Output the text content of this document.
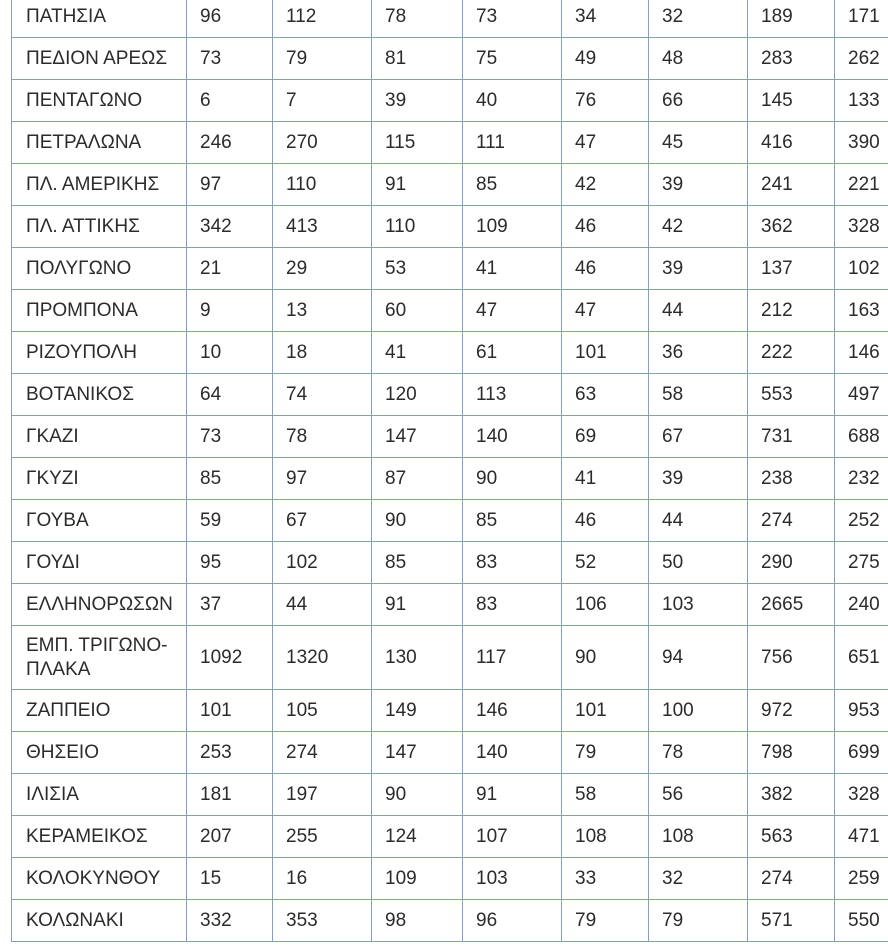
ΠΑΤΗΣΙΑ	96	112	78	73	34	32	189	171
ΠΕΔΙΟΝ ΑΡΕΩΣ	73	79	81	75	49	48	283	262
ΠΕΝΤΑΓΩΝΟ	6	7	39	40	76	66	145	133
ΠΕΤΡΑΛΩΝΑ	246	270	115	111	47	45	416	390
ΠΛ. ΑΜΕΡΙΚΗΣ	97	110	91	85	42	39	241	221
ΠΛ. ΑΤΤΙΚΗΣ	342	413	110	109	46	42	362	328
ΠΟΛΥΓΩΝΟ	21	29	53	41	46	39	137	102
ΠΡΟΜΠΟΝΑ	9	13	60	47	47	44	212	163
ΡΙΖΟΥΠΟΛΗ	10	18	41	61	101	36	222	146
ΒΟΤΑΝΙΚΟΣ	64	74	120	113	63	58	553	497
ΓΚΑΖΙ	73	78	147	140	69	67	731	688
ΓΚΥΖΙ	85	97	87	90	41	39	238	232
ΓΟΥΒΑ	59	67	90	85	46	44	274	252
ΓΟΥΔΙ	95	102	85	83	52	50	290	275
ΕΛΛΗΝΟΡΩΣΩΝ	37	44	91	83	106	103	2665	240
ΕΜΠ. ΤΡΙΓΩΝΟ-ΠΛΑΚΑ	1092	1320	130	117	90	94	756	651
ΖΑΠΠΕΙΟ	101	105	149	146	101	100	972	953
ΘΗΣΕΙΟ	253	274	147	140	79	78	798	699
ΙΛΙΣΙΑ	181	197	90	91	58	56	382	328
ΚΕΡΑΜΕΙΚΟΣ	207	255	124	107	108	108	563	471
ΚΟΛΟΚΥΝΘΟΥ	15	16	109	103	33	32	274	259
ΚΟΛΩΝΑΚΙ	332	353	98	96	79	79	571	550
